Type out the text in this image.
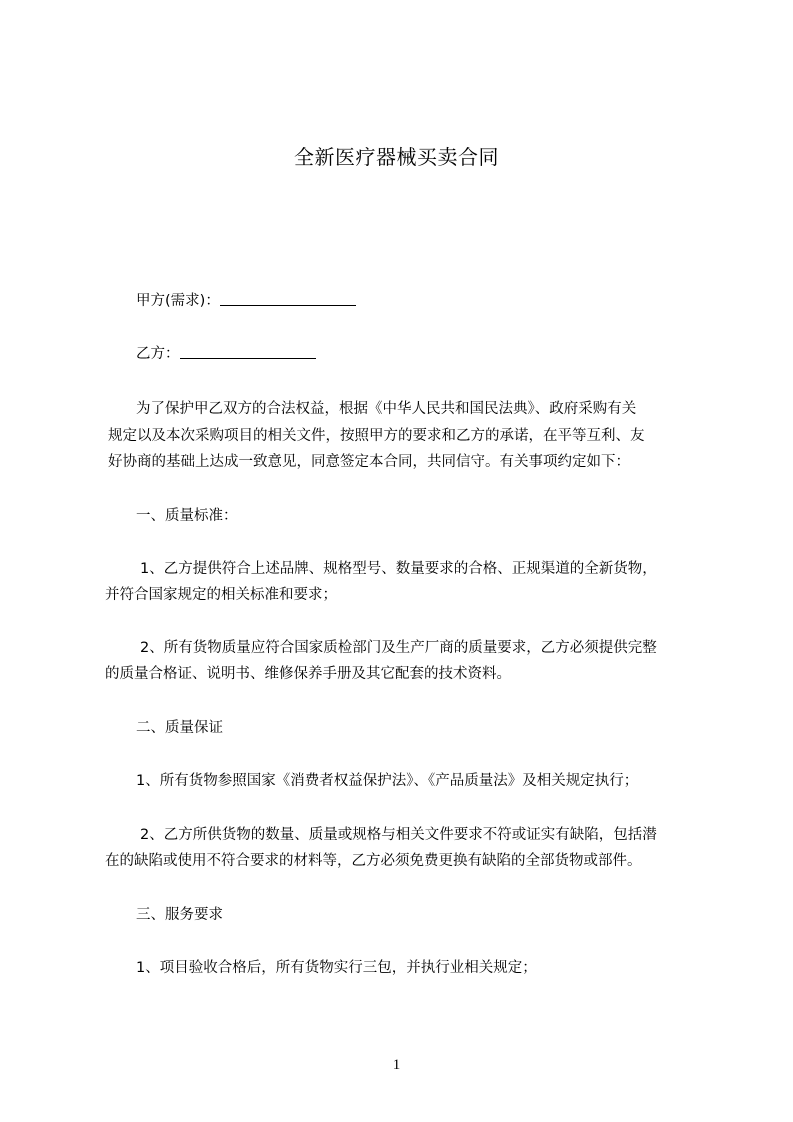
全新医疗器械买卖合同
甲方(需求)：
乙方：
为了保护甲乙双方的合法权益，根据《中华人民共和国民法典》、政府采购有关
规定以及本次采购项目的相关文件，按照甲方的要求和乙方的承诺，在平等互利、友
好协商的基础上达成一致意见，同意签定本合同，共同信守。有关事项约定如下：
一、质量标准：
1、乙方提供符合上述品牌、规格型号、数量要求的合格、正规渠道的全新货物，
并符合国家规定的相关标准和要求；
2、所有货物质量应符合国家质检部门及生产厂商的质量要求，乙方必须提供完整
的质量合格证、说明书、维修保养手册及其它配套的技术资料。
二、质量保证
1、所有货物参照国家《消费者权益保护法》、《产品质量法》及相关规定执行；
2、乙方所供货物的数量、质量或规格与相关文件要求不符或证实有缺陷，包括潜
在的缺陷或使用不符合要求的材料等，乙方必须免费更换有缺陷的全部货物或部件。
三、服务要求
1、项目验收合格后，所有货物实行三包，并执行业相关规定；
1
